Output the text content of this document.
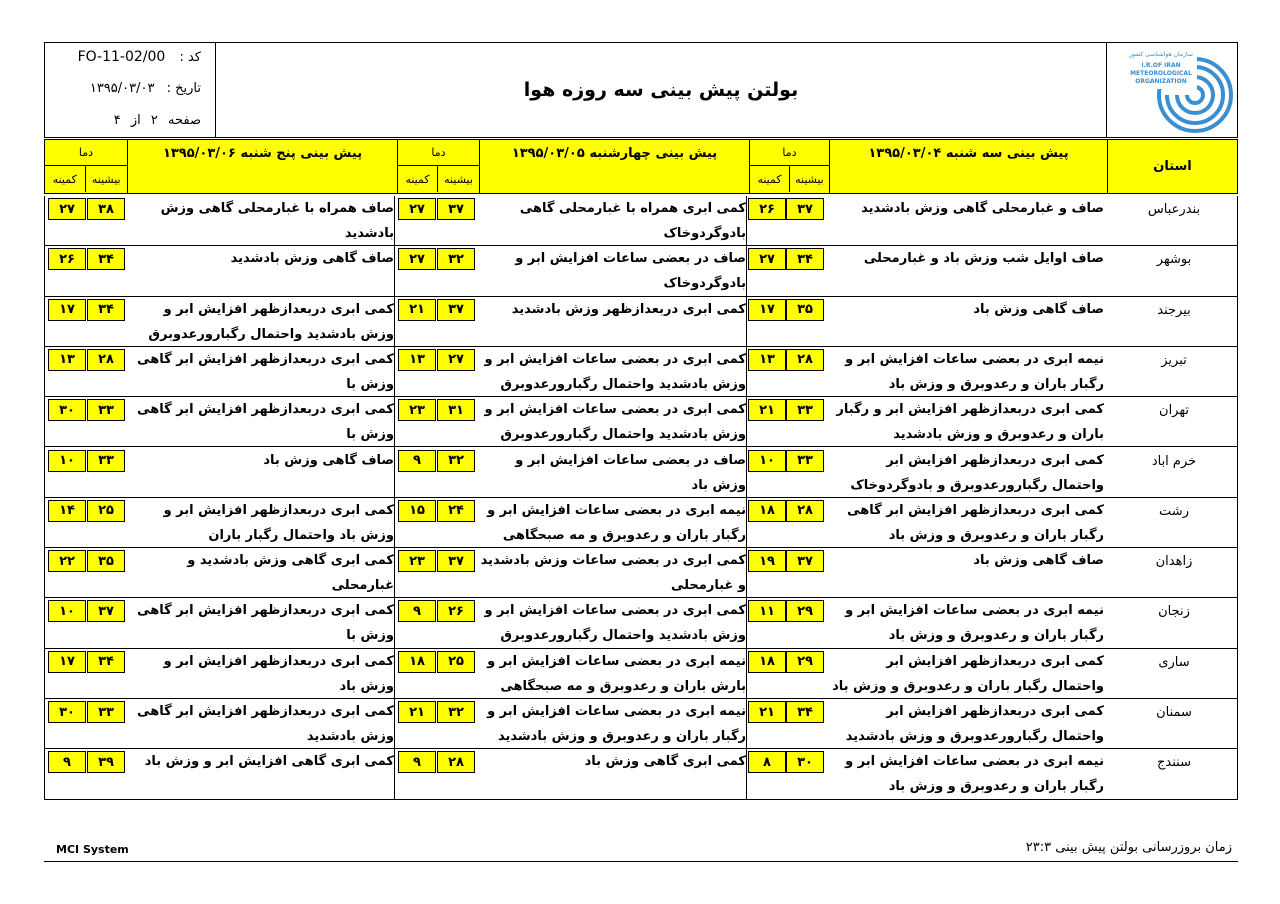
کد : FO-11-02/00
تاریخ : ۱۳۹۵/۰۳/۰۳
صفحه ۲ از ۴
بولتن پیش بینی سه روزه هوا
سازمان هواشناسی کشور
I.R.OF IRAN
METEOROLOGICAL
ORGANIZATION
استان
پیش بینی سه شنبه ۱۳۹۵/۰۳/۰۴
دما
بیشینه
کمینه
پیش بینی چهارشنبه ۱۳۹۵/۰۳/۰۵
دما
بیشینه
کمینه
پیش بینی پنج شنبه ۱۳۹۵/۰۳/۰۶
دما
بیشینه
کمینه
بندرعباس
صاف و غبارمحلی گاهی وزش بادشدید
۳۷
۲۶
کمی ابری همراه با غبارمحلی گاهی بادوگردوخاک
۳۷
۲۷
صاف همراه با غبارمحلی گاهی وزش بادشدید
۳۸
۲۷
بوشهر
صاف اوایل شب وزش باد و غبارمحلی
۳۴
۲۷
صاف در بعضی ساعات افزایش ابر و بادوگردوخاک
۳۲
۲۷
صاف گاهی وزش بادشدید
۳۴
۲۶
بیرجند
صاف گاهی وزش باد
۳۵
۱۷
کمی ابری دربعدازظهر وزش بادشدید
۳۷
۲۱
کمی ابری دربعدازظهر افزایش ابر و وزش بادشدید واحتمال رگبارورعدوبرق
۳۴
۱۷
تبریز
نیمه ابری در بعضی ساعات افزایش ابر و رگبار باران و رعدوبرق و وزش باد
۲۸
۱۳
کمی ابری در بعضی ساعات افزایش ابر و وزش بادشدید واحتمال رگبارورعدوبرق
۲۷
۱۳
کمی ابری دربعدازظهر افزایش ابر گاهی وزش با
۲۸
۱۳
تهران
کمی ابری دربعدازظهر افزایش ابر و رگبار باران و رعدوبرق و وزش بادشدید
۳۳
۲۱
کمی ابری در بعضی ساعات افزایش ابر و وزش بادشدید واحتمال رگبارورعدوبرق
۳۱
۲۳
کمی ابری دربعدازظهر افزایش ابر گاهی وزش با
۳۳
۳۰
خرم اباد
کمی ابری دربعدازظهر افزایش ابر واحتمال رگبارورعدوبرق و بادوگردوخاک
۳۳
۱۰
صاف در بعضی ساعات افزایش ابر و وزش باد
۳۲
۹
صاف گاهی وزش باد
۳۳
۱۰
رشت
کمی ابری دربعدازظهر افزایش ابر گاهی رگبار باران و رعدوبرق و وزش باد
۲۸
۱۸
نیمه ابری در بعضی ساعات افزایش ابر و رگبار باران و رعدوبرق و مه صبحگاهی
۲۴
۱۵
کمی ابری دربعدازظهر افزایش ابر و وزش باد واحتمال رگبار باران
۲۵
۱۴
زاهدان
صاف گاهی وزش باد
۳۷
۱۹
کمی ابری در بعضی ساعات وزش بادشدید و غبارمحلی
۳۷
۲۳
کمی ابری گاهی وزش بادشدید و غبارمحلی
۳۵
۲۲
زنجان
نیمه ابری در بعضی ساعات افزایش ابر و رگبار باران و رعدوبرق و وزش باد
۲۹
۱۱
کمی ابری در بعضی ساعات افزایش ابر و وزش بادشدید واحتمال رگبارورعدوبرق
۲۶
۹
کمی ابری دربعدازظهر افزایش ابر گاهی وزش با
۳۷
۱۰
ساری
کمی ابری دربعدازظهر افزایش ابر واحتمال رگبار باران و رعدوبرق و وزش باد
۲۹
۱۸
نیمه ابری در بعضی ساعات افزایش ابر و بارش باران و رعدوبرق و مه صبحگاهی
۲۵
۱۸
کمی ابری دربعدازظهر افزایش ابر و وزش باد
۳۴
۱۷
سمنان
کمی ابری دربعدازظهر افزایش ابر واحتمال رگبارورعدوبرق و وزش بادشدید
۳۴
۲۱
نیمه ابری در بعضی ساعات افزایش ابر و رگبار باران و رعدوبرق و وزش بادشدید
۳۲
۲۱
کمی ابری دربعدازظهر افزایش ابر گاهی وزش بادشدید
۳۳
۳۰
سنندج
نیمه ابری در بعضی ساعات افزایش ابر و رگبار باران و رعدوبرق و وزش باد
۳۰
۸
کمی ابری گاهی وزش باد
۲۸
۹
کمی ابری گاهی افزایش ابر و وزش باد
۳۹
۹
MCI System	زمان بروزرسانی بولتن پیش بینی ۲۳:۳
